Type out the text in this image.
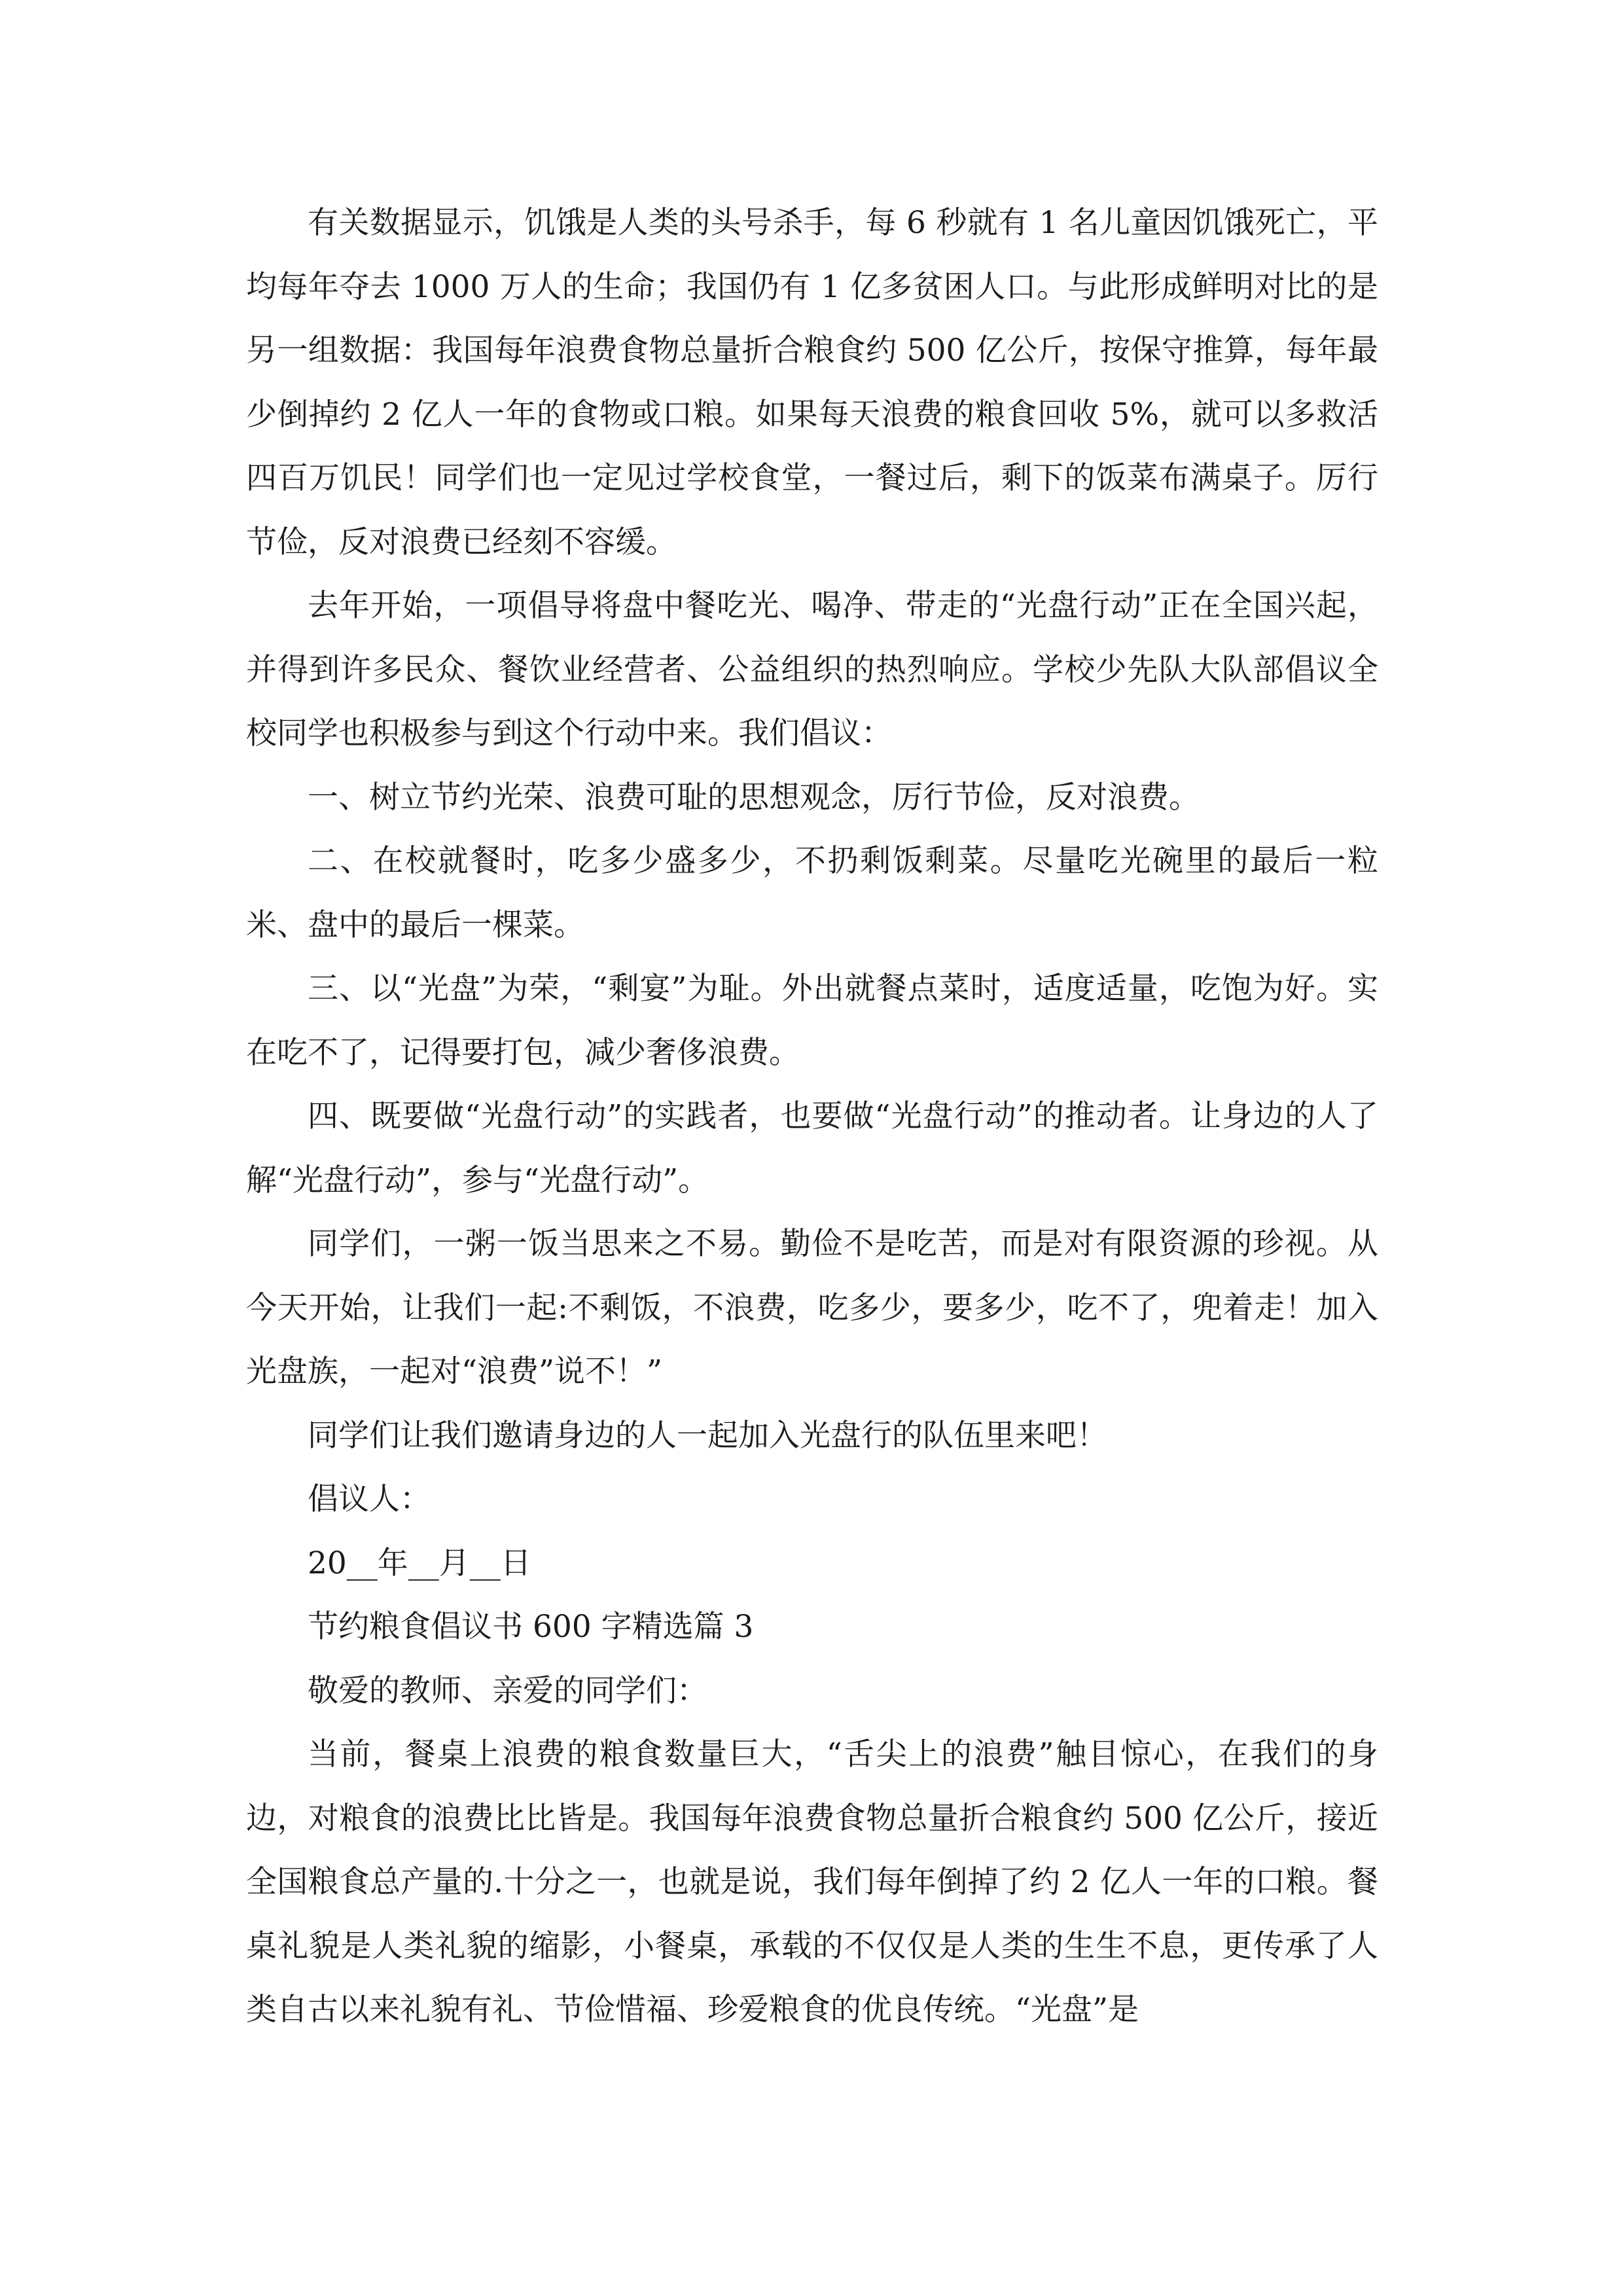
有关数据显示，饥饿是人类的头号杀手，每 6 秒就有 1 名儿童因饥饿死亡，平均每年夺去 1000 万人的生命；我国仍有 1 亿多贫困人口。与此形成鲜明对比的是另一组数据：我国每年浪费食物总量折合粮食约 500 亿公斤，按保守推算，每年最少倒掉约 2 亿人一年的食物或口粮。如果每天浪费的粮食回收 5%，就可以多救活四百万饥民！同学们也一定见过学校食堂，一餐过后，剩下的饭菜布满桌子。厉行节俭，反对浪费已经刻不容缓。

去年开始，一项倡导将盘中餐吃光、喝净、带走的“光盘行动”正在全国兴起，并得到许多民众、餐饮业经营者、公益组织的热烈响应。学校少先队大队部倡议全校同学也积极参与到这个行动中来。我们倡议：

一、树立节约光荣、浪费可耻的思想观念，厉行节俭，反对浪费。

二、在校就餐时，吃多少盛多少，不扔剩饭剩菜。尽量吃光碗里的最后一粒米、盘中的最后一棵菜。

三、以“光盘”为荣，“剩宴”为耻。外出就餐点菜时，适度适量，吃饱为好。实在吃不了，记得要打包，减少奢侈浪费。

四、既要做“光盘行动”的实践者，也要做“光盘行动”的推动者。让身边的人了解“光盘行动”，参与“光盘行动”。

同学们，一粥一饭当思来之不易。勤俭不是吃苦，而是对有限资源的珍视。从今天开始，让我们一起:不剩饭，不浪费，吃多少，要多少，吃不了，兜着走！加入光盘族，一起对“浪费”说不！”

同学们让我们邀请身边的人一起加入光盘行的队伍里来吧！

倡议人：

20__年__月__日

节约粮食倡议书 600 字精选篇 3

敬爱的教师、亲爱的同学们：

当前，餐桌上浪费的粮食数量巨大，“舌尖上的浪费”触目惊心，在我们的身边，对粮食的浪费比比皆是。我国每年浪费食物总量折合粮食约 500 亿公斤，接近全国粮食总产量的.十分之一，也就是说，我们每年倒掉了约 2 亿人一年的口粮。餐桌礼貌是人类礼貌的缩影，小餐桌，承载的不仅仅是人类的生生不息，更传承了人类自古以来礼貌有礼、节俭惜福、珍爱粮食的优良传统。“光盘”是
